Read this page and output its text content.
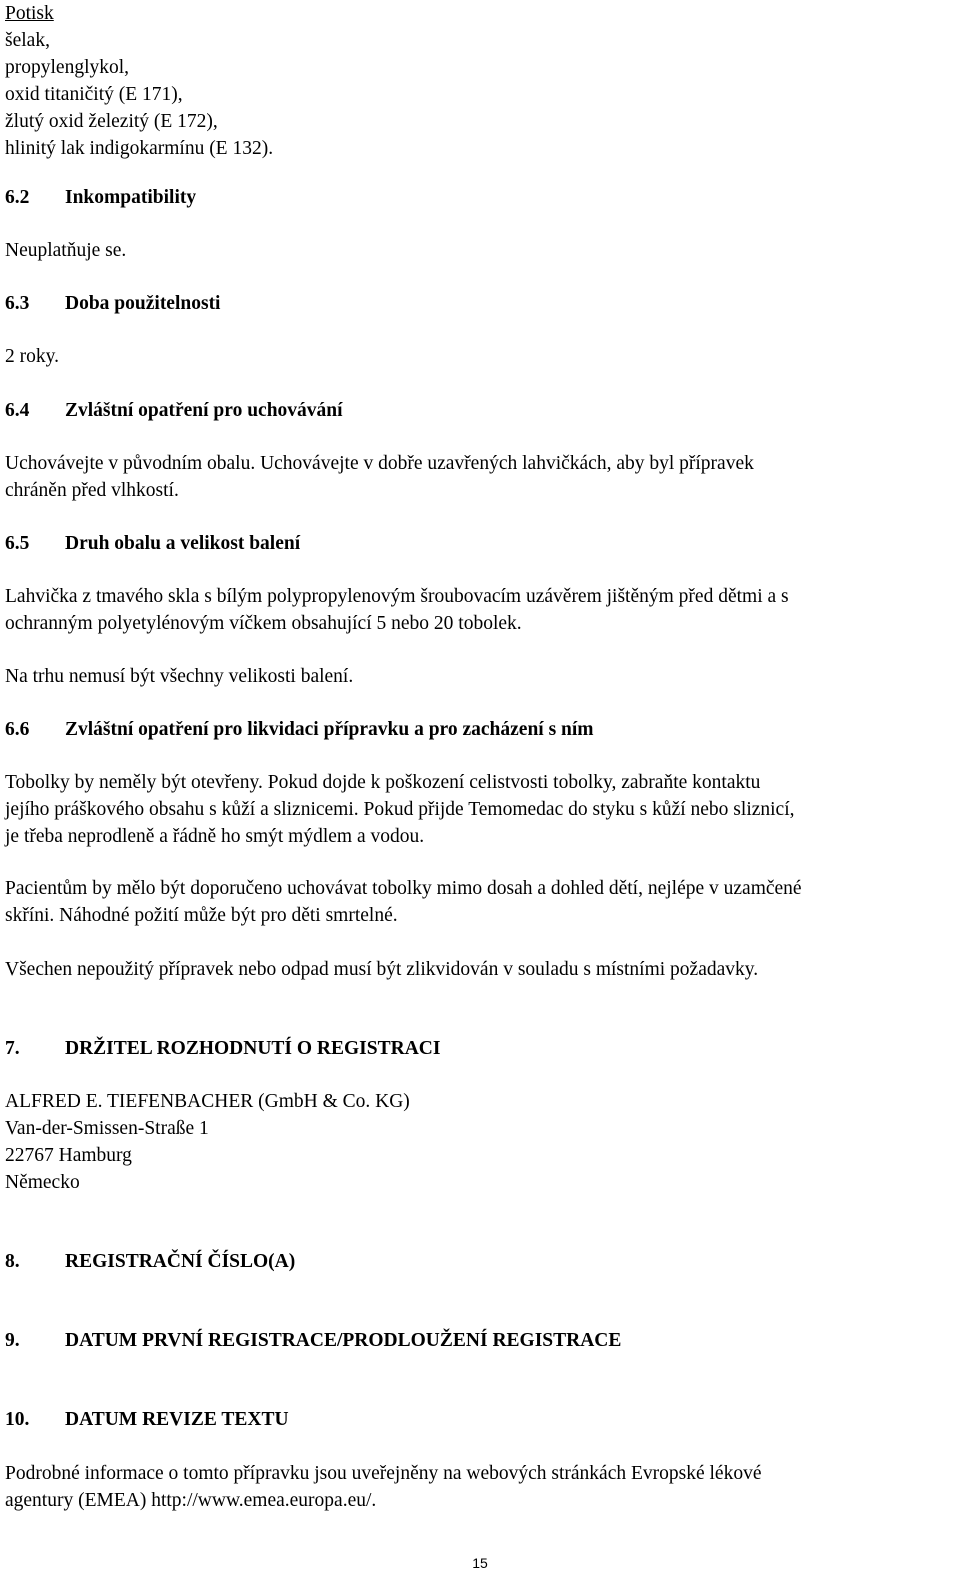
Potisk
šelak,
propylenglykol,
oxid titaničitý (E 171),
žlutý oxid železitý (E 172),
hlinitý lak indigokarmínu (E 132).
6.2 Inkompatibility
Neuplatňuje se.
6.3 Doba použitelnosti
2 roky.
6.4 Zvláštní opatření pro uchovávání
Uchovávejte v původním obalu. Uchovávejte v dobře uzavřených lahvičkách, aby byl přípravek
chráněn před vlhkostí.
6.5 Druh obalu a velikost balení
Lahvička z tmavého skla s bílým polypropylenovým šroubovacím uzávěrem jištěným před dětmi a s
ochranným polyetylénovým víčkem obsahující 5 nebo 20 tobolek.
Na trhu nemusí být všechny velikosti balení.
6.6 Zvláštní opatření pro likvidaci přípravku a pro zacházení s ním
Tobolky by neměly být otevřeny. Pokud dojde k poškození celistvosti tobolky, zabraňte kontaktu
jejího práškového obsahu s kůží a sliznicemi. Pokud přijde Temomedac do styku s kůží nebo sliznicí,
je třeba neprodleně a řádně ho smýt mýdlem a vodou.
Pacientům by mělo být doporučeno uchovávat tobolky mimo dosah a dohled dětí, nejlépe v uzamčené
skříni. Náhodné požití může být pro děti smrtelné.
Všechen nepoužitý přípravek nebo odpad musí být zlikvidován v souladu s místními požadavky.
7. DRŽITEL ROZHODNUTÍ O REGISTRACI
ALFRED E. TIEFENBACHER (GmbH & Co. KG)
Van-der-Smissen-Straße 1
22767 Hamburg
Německo
8. REGISTRAČNÍ ČÍSLO(A)
9. DATUM PRVNÍ REGISTRACE/PRODLOUŽENÍ REGISTRACE
10. DATUM REVIZE TEXTU
Podrobné informace o tomto přípravku jsou uveřejněny na webových stránkách Evropské lékové
agentury (EMEA) http://www.emea.europa.eu/.
15
